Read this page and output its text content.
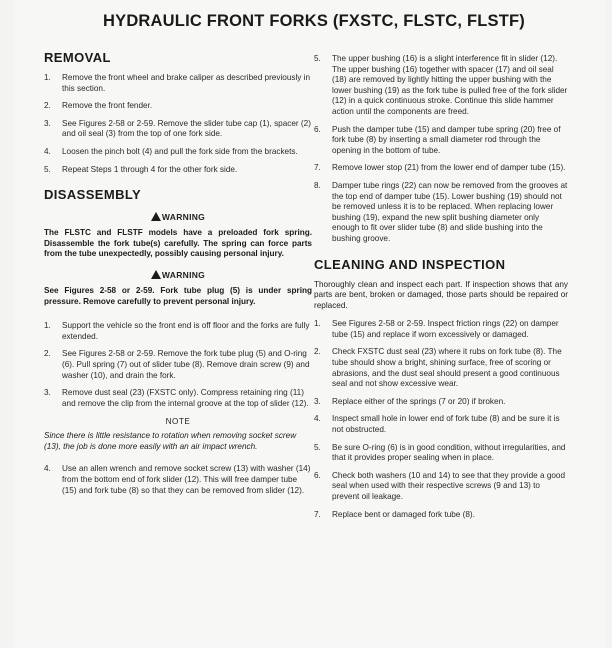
HYDRAULIC FRONT FORKS (FXSTC, FLSTC, FLSTF)
REMOVAL

1.	Remove the front wheel and brake caliper as described previously in this section.

2.	Remove the front fender.

3.	See Figures 2-58 or 2-59. Remove the slider tube cap (1), spacer (2) and oil seal (3) from the top of one fork side.

4.	Loosen the pinch bolt (4) and pull the fork side from the brackets.

5.	Repeat Steps 1 through 4 for the other fork side.

DISASSEMBLY

WARNING

The FLSTC and FLSTF models have a preloaded fork spring. Disassemble the fork tube(s) carefully. The spring can force parts from the tube unexpectedly, possibly causing personal injury.

WARNING

See Figures 2-58 or 2-59. Fork tube plug (5) is under spring pressure. Remove carefully to prevent personal injury.

1.	Support the vehicle so the front end is off floor and the forks are fully extended.

2.	See Figures 2-58 or 2-59. Remove the fork tube plug (5) and O-ring (6). Pull spring (7) out of slider tube (8). Remove drain screw (9) and washer (10), and drain the fork.

3.	Remove dust seal (23) (FXSTC only). Compress retaining ring (11) and remove the clip from the internal groove at the top of slider (12).

NOTE

Since there is little resistance to rotation when removing socket screw (13), the job is done more easily with an air impact wrench.

4.	Use an allen wrench and remove socket screw (13) with washer (14) from the bottom end of fork slider (12). This will free damper tube (15) and fork tube (8) so that they can be removed from slider (12).

5.	The upper bushing (16) is a slight interference fit in slider (12). The upper bushing (16) together with spacer (17) and oil seal (18) are removed by lightly hitting the upper bushing with the lower bushing (19) as the fork tube is pulled free of the fork slider (12) in a quick continuous stroke. Continue this slide hammer action until the components are freed.

6.	Push the damper tube (15) and damper tube spring (20) free of fork tube (8) by inserting a small diameter rod through the opening in the bottom of tube.

7.	Remove lower stop (21) from the lower end of damper tube (15).

8.	Damper tube rings (22) can now be removed from the grooves at the top end of damper tube (15). Lower bushing (19) should not be removed unless it is to be replaced. When replacing lower bushing (19), expand the new split bushing diameter only enough to fit over slider tube (8) and slide bushing into the bushing groove.

CLEANING AND INSPECTION

Thoroughly clean and inspect each part. If inspection shows that any parts are bent, broken or damaged, those parts should be repaired or replaced.

1.	See Figures 2-58 or 2-59. Inspect friction rings (22) on damper tube (15) and replace if worn excessively or damaged.

2.	Check FXSTC dust seal (23) where it rubs on fork tube (8). The tube should show a bright, shining surface, free of scoring or abrasions, and the dust seal should present a good continuous seal and not show excessive wear.

3.	Replace either of the springs (7 or 20) if broken.

4.	Inspect small hole in lower end of fork tube (8) and be sure it is not obstructed.

5.	Be sure O-ring (6) is in good condition, without irregularities, and that it provides proper sealing when in place.

6.	Check both washers (10 and 14) to see that they provide a good seal when used with their respective screws (9 and 13) to prevent oil leakage.

7.	Replace bent or damaged fork tube (8).
